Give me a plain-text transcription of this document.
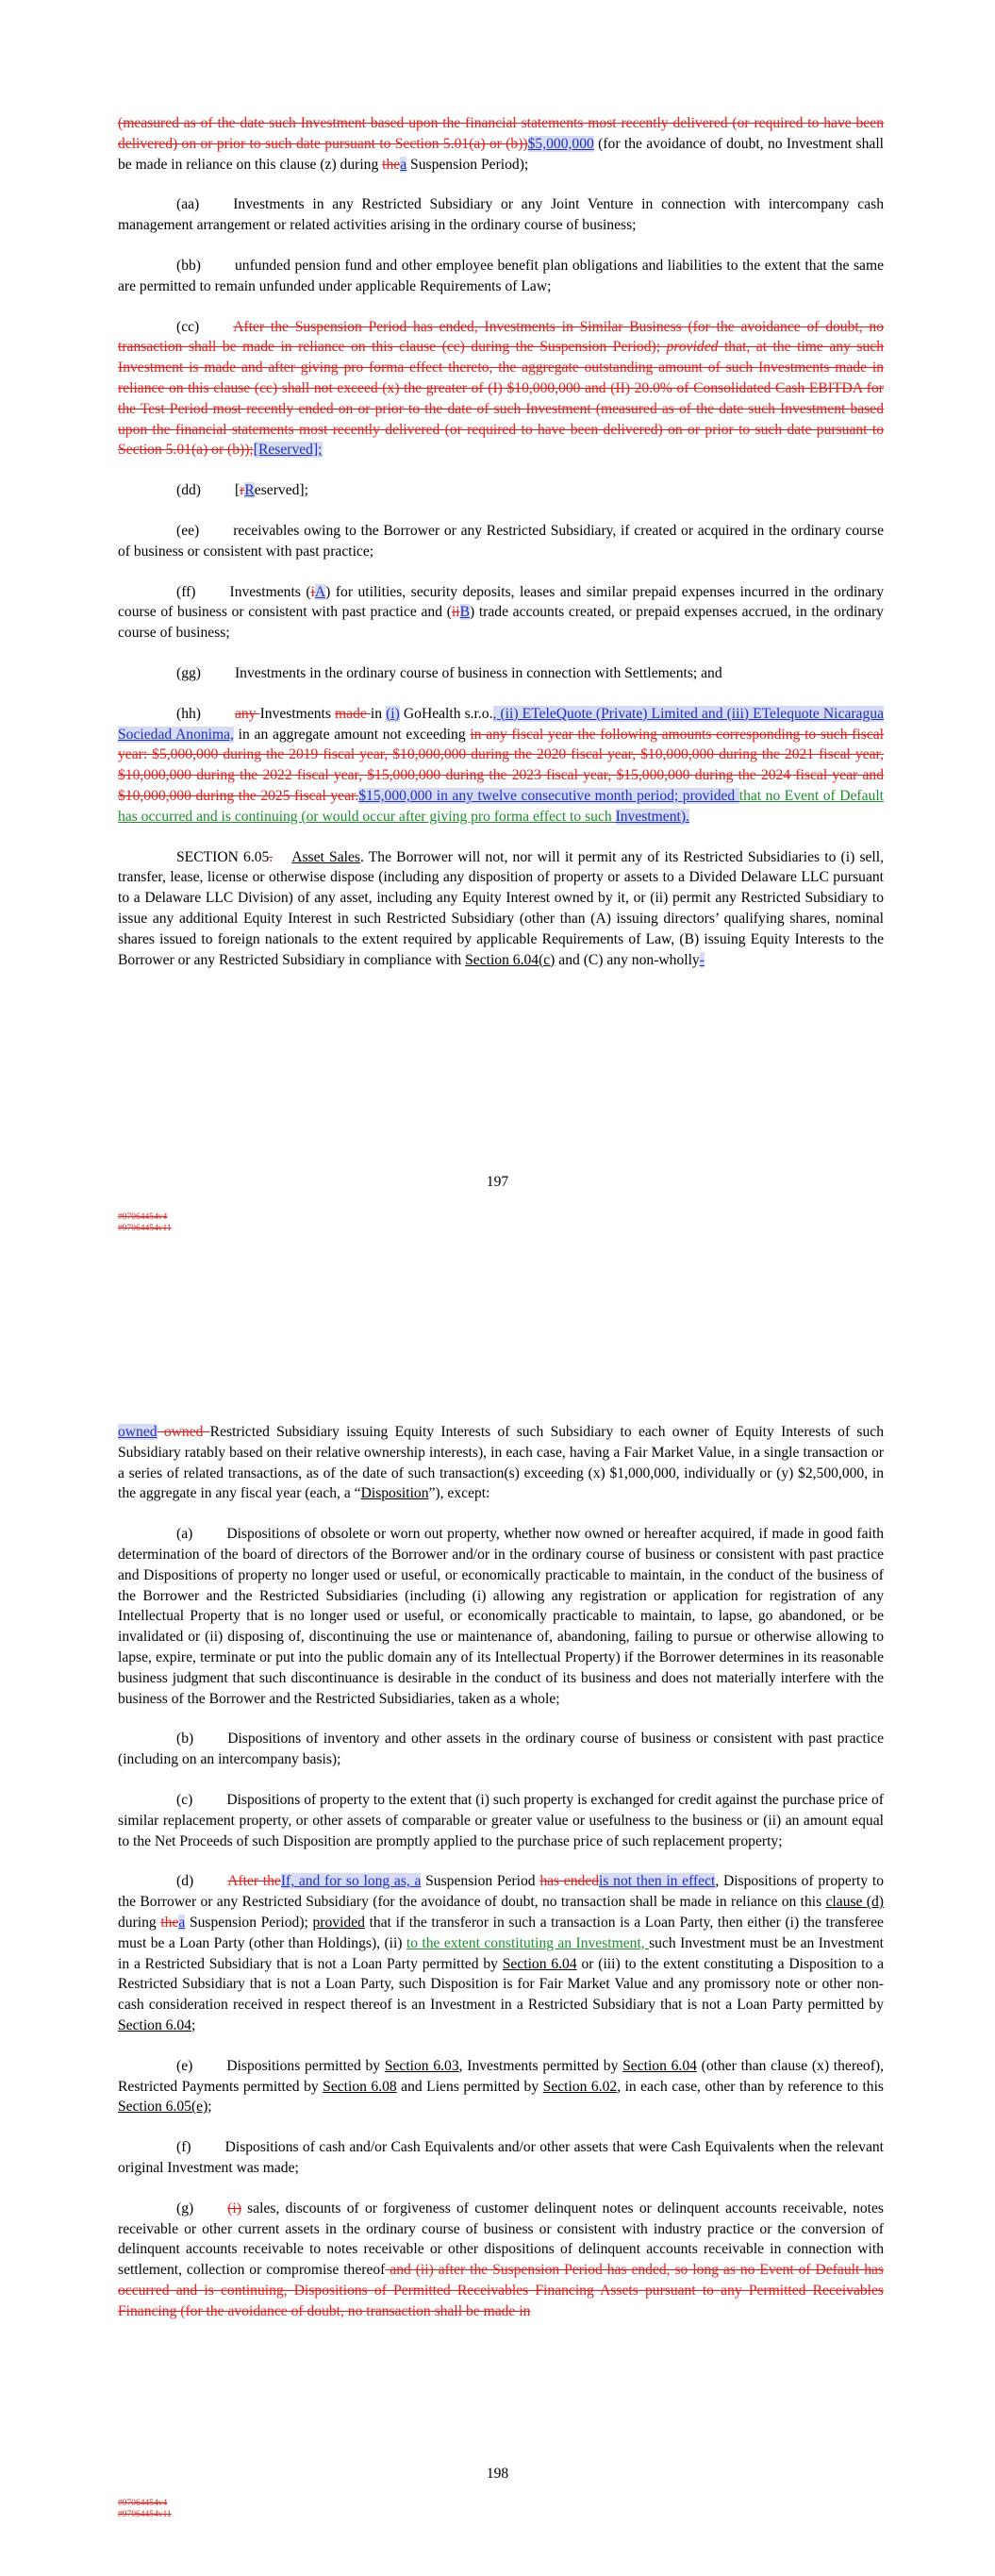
(measured as of the date such Investment based upon the financial statements most recently delivered (or required to have been delivered) on or prior to such date pursuant to Section 5.01(a) or (b))$5,000,000 (for the avoidance of doubt, no Investment shall be made in reliance on this clause (z) during thea Suspension Period);

(aa) Investments in any Restricted Subsidiary or any Joint Venture in connection with intercompany cash management arrangement or related activities arising in the ordinary course of business;

(bb) unfunded pension fund and other employee benefit plan obligations and liabilities to the extent that the same are permitted to remain unfunded under applicable Requirements of Law;

(cc) After the Suspension Period has ended, Investments in Similar Business (for the avoidance of doubt, no transaction shall be made in reliance on this clause (cc) during the Suspension Period); provided that, at the time any such Investment is made and after giving pro forma effect thereto, the aggregate outstanding amount of such Investments made in reliance on this clause (cc) shall not exceed (x) the greater of (I) $10,000,000 and (II) 20.0% of Consolidated Cash EBITDA for the Test Period most recently ended on or prior to the date of such Investment (measured as of the date such Investment based upon the financial statements most recently delivered (or required to have been delivered) on or prior to such date pursuant to Section 5.01(a) or (b));[Reserved];

(dd) [rReserved];

(ee) receivables owing to the Borrower or any Restricted Subsidiary, if created or acquired in the ordinary course of business or consistent with past practice;

(ff) Investments (iA) for utilities, security deposits, leases and similar prepaid expenses incurred in the ordinary course of business or consistent with past practice and (iiB) trade accounts created, or prepaid expenses accrued, in the ordinary course of business;

(gg) Investments in the ordinary course of business in connection with Settlements; and

(hh) any Investments made in (i) GoHealth s.r.o., (ii) ETeleQuote (Private) Limited and (iii) ETelequote Nicaragua Sociedad Anonima, in an aggregate amount not exceeding in any fiscal year the following amounts corresponding to such fiscal year: $5,000,000 during the 2019 fiscal year, $10,000,000 during the 2020 fiscal year, $10,000,000 during the 2021 fiscal year, $10,000,000 during the 2022 fiscal year, $15,000,000 during the 2023 fiscal year, $15,000,000 during the 2024 fiscal year and $10,000,000 during the 2025 fiscal year.$15,000,000 in any twelve consecutive month period; provided that no Event of Default has occurred and is continuing (or would occur after giving pro forma effect to such Investment).

SECTION 6.05. Asset Sales. The Borrower will not, nor will it permit any of its Restricted Subsidiaries to (i) sell, transfer, lease, license or otherwise dispose (including any disposition of property or assets to a Divided Delaware LLC pursuant to a Delaware LLC Division) of any asset, including any Equity Interest owned by it, or (ii) permit any Restricted Subsidiary to issue any additional Equity Interest in such Restricted Subsidiary (other than (A) issuing directors’ qualifying shares, nominal shares issued to foreign nationals to the extent required by applicable Requirements of Law, (B) issuing Equity Interests to the Borrower or any Restricted Subsidiary in compliance with Section 6.04(c) and (C) any non-wholly-

197
#97064454v4
#97064454v11

owned owned Restricted Subsidiary issuing Equity Interests of such Subsidiary to each owner of Equity Interests of such Subsidiary ratably based on their relative ownership interests), in each case, having a Fair Market Value, in a single transaction or a series of related transactions, as of the date of such transaction(s) exceeding (x) $1,000,000, individually or (y) $2,500,000, in the aggregate in any fiscal year (each, a “Disposition”), except:

(a) Dispositions of obsolete or worn out property, whether now owned or hereafter acquired, if made in good faith determination of the board of directors of the Borrower and/or in the ordinary course of business or consistent with past practice and Dispositions of property no longer used or useful, or economically practicable to maintain, in the conduct of the business of the Borrower and the Restricted Subsidiaries (including (i) allowing any registration or application for registration of any Intellectual Property that is no longer used or useful, or economically practicable to maintain, to lapse, go abandoned, or be invalidated or (ii) disposing of, discontinuing the use or maintenance of, abandoning, failing to pursue or otherwise allowing to lapse, expire, terminate or put into the public domain any of its Intellectual Property) if the Borrower determines in its reasonable business judgment that such discontinuance is desirable in the conduct of its business and does not materially interfere with the business of the Borrower and the Restricted Subsidiaries, taken as a whole;

(b) Dispositions of inventory and other assets in the ordinary course of business or consistent with past practice (including on an intercompany basis);

(c) Dispositions of property to the extent that (i) such property is exchanged for credit against the purchase price of similar replacement property, or other assets of comparable or greater value or usefulness to the business or (ii) an amount equal to the Net Proceeds of such Disposition are promptly applied to the purchase price of such replacement property;

(d) After theIf, and for so long as, a Suspension Period has endedis not then in effect, Dispositions of property to the Borrower or any Restricted Subsidiary (for the avoidance of doubt, no transaction shall be made in reliance on this clause (d) during thea Suspension Period); provided that if the transferor in such a transaction is a Loan Party, then either (i) the transferee must be a Loan Party (other than Holdings), (ii) to the extent constituting an Investment, such Investment must be an Investment in a Restricted Subsidiary that is not a Loan Party permitted by Section 6.04 or (iii) to the extent constituting a Disposition to a Restricted Subsidiary that is not a Loan Party, such Disposition is for Fair Market Value and any promissory note or other non-cash consideration received in respect thereof is an Investment in a Restricted Subsidiary that is not a Loan Party permitted by Section 6.04;

(e) Dispositions permitted by Section 6.03, Investments permitted by Section 6.04 (other than clause (x) thereof), Restricted Payments permitted by Section 6.08 and Liens permitted by Section 6.02, in each case, other than by reference to this Section 6.05(e);

(f) Dispositions of cash and/or Cash Equivalents and/or other assets that were Cash Equivalents when the relevant original Investment was made;

(g) (i) sales, discounts of or forgiveness of customer delinquent notes or delinquent accounts receivable, notes receivable or other current assets in the ordinary course of business or consistent with industry practice or the conversion of delinquent accounts receivable to notes receivable or other dispositions of delinquent accounts receivable in connection with settlement, collection or compromise thereof and (ii) after the Suspension Period has ended, so long as no Event of Default has occurred and is continuing, Dispositions of Permitted Receivables Financing Assets pursuant to any Permitted Receivables Financing (for the avoidance of doubt, no transaction shall be made in

198
#97064454v4
#97064454v11
